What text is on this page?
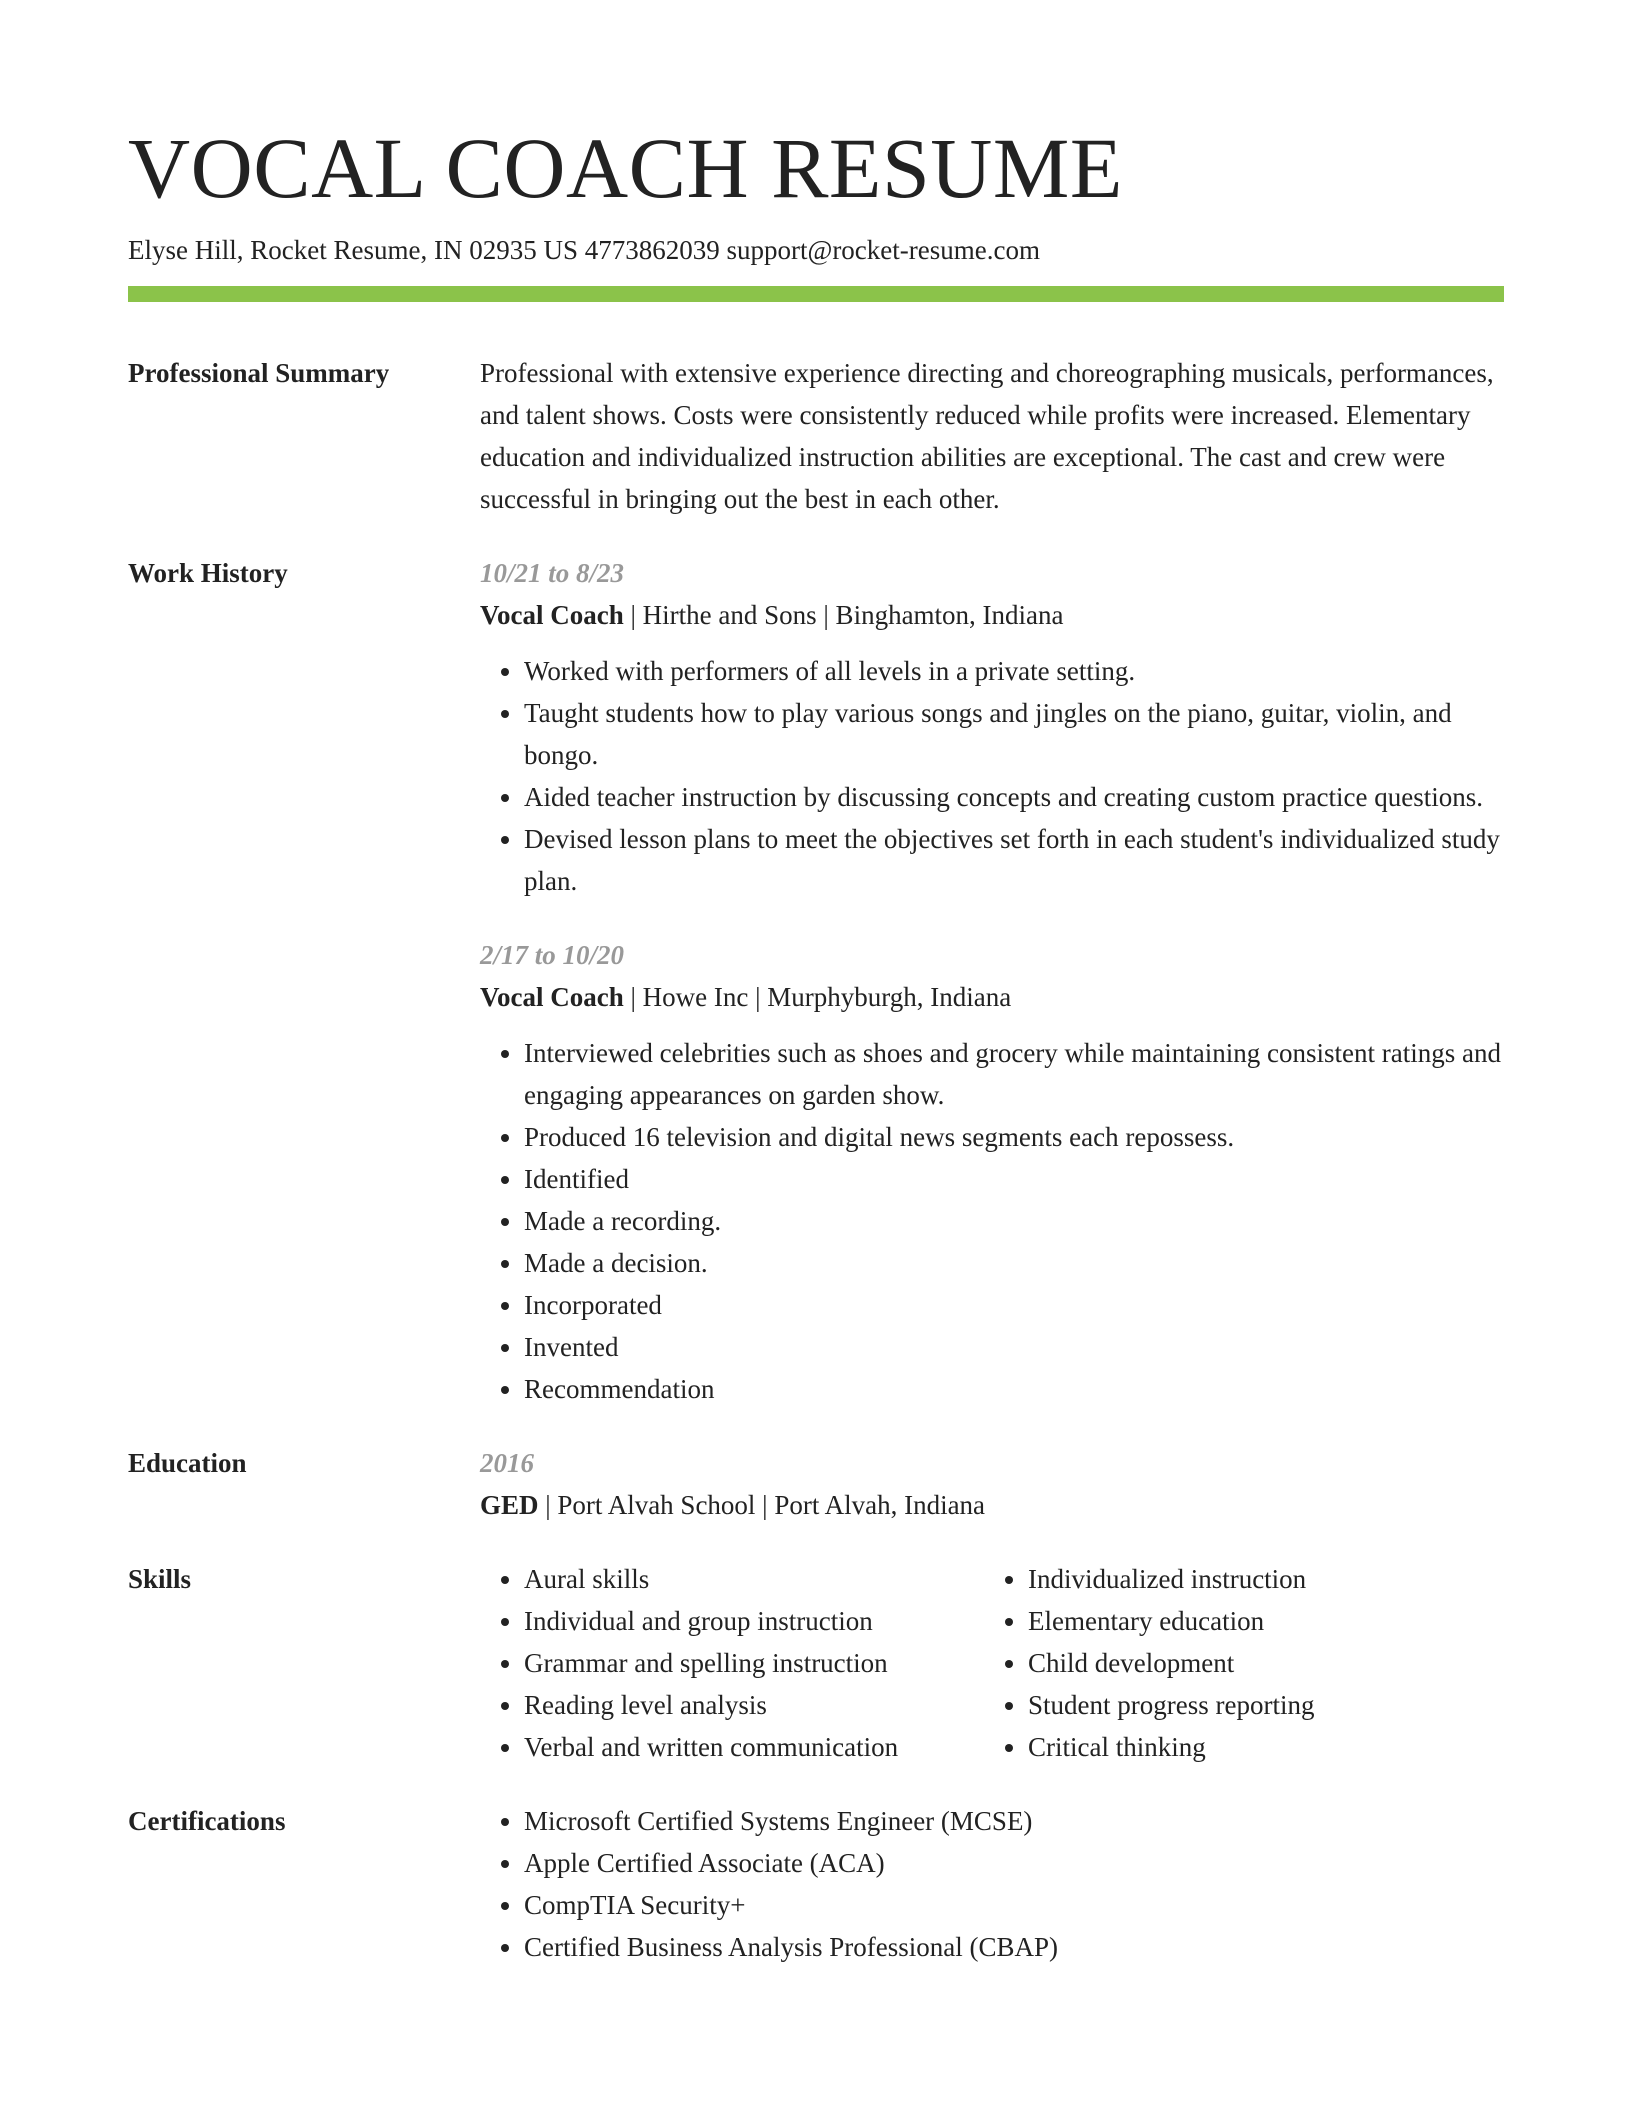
VOCAL COACH RESUME
Elyse Hill, Rocket Resume, IN 02935 US 4773862039 support@rocket-resume.com
Professional Summary	Professional with extensive experience directing and choreographing musicals, performances, and talent shows. Costs were consistently reduced while profits were increased. Elementary education and individualized instruction abilities are exceptional. The cast and crew were successful in bringing out the best in each other.
Work History	10/21 to 8/23
Vocal Coach | Hirthe and Sons | Binghamton, Indiana
• Worked with performers of all levels in a private setting.
• Taught students how to play various songs and jingles on the piano, guitar, violin, and bongo.
• Aided teacher instruction by discussing concepts and creating custom practice questions.
• Devised lesson plans to meet the objectives set forth in each student's individualized study plan.
2/17 to 10/20
Vocal Coach | Howe Inc | Murphyburgh, Indiana
• Interviewed celebrities such as shoes and grocery while maintaining consistent ratings and engaging appearances on garden show.
• Produced 16 television and digital news segments each repossess.
• Identified
• Made a recording.
• Made a decision.
• Incorporated
• Invented
• Recommendation
Education	2016
GED | Port Alvah School | Port Alvah, Indiana
Skills	• Aural skills
• Individual and group instruction
• Grammar and spelling instruction
• Reading level analysis
• Verbal and written communication
• Individualized instruction
• Elementary education
• Child development
• Student progress reporting
• Critical thinking
Certifications	• Microsoft Certified Systems Engineer (MCSE)
• Apple Certified Associate (ACA)
• CompTIA Security+
• Certified Business Analysis Professional (CBAP)
